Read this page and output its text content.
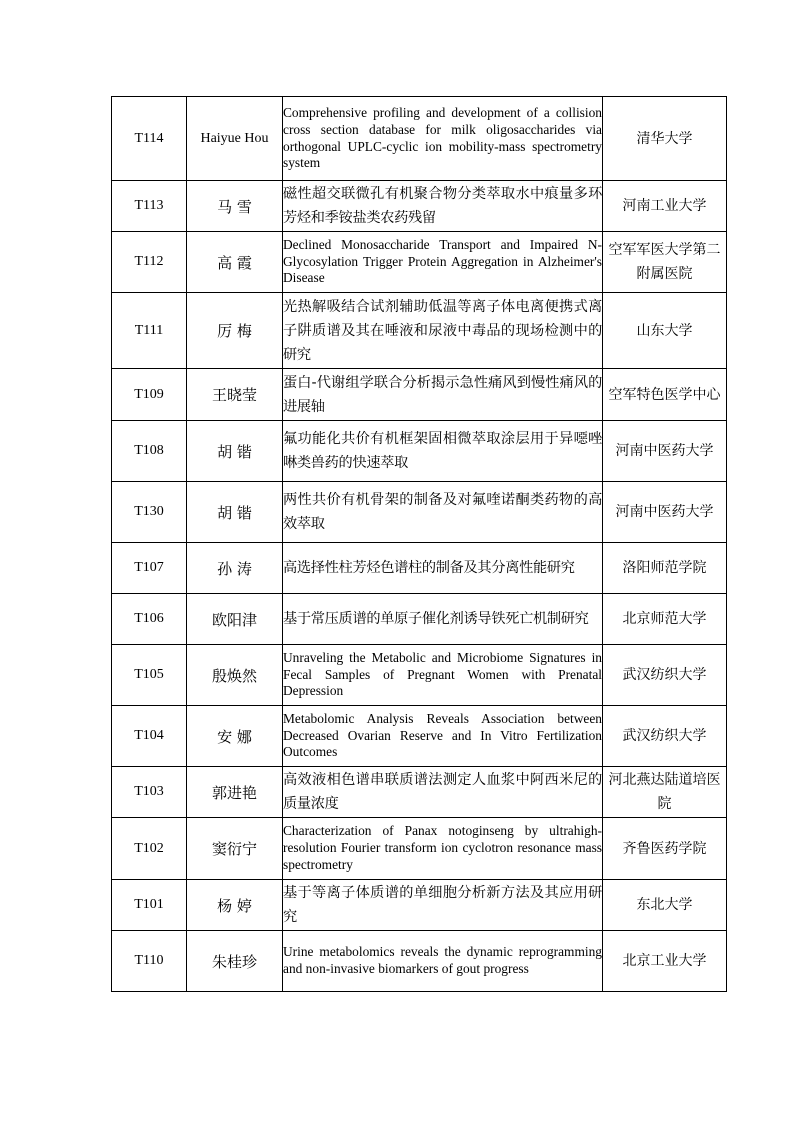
T114	Haiyue Hou	Comprehensive profiling and development of a collision cross section database for milk oligosaccharides via orthogonal UPLC-cyclic ion mobility-mass spectrometry system	清华大学
T113	马 雪	磁性超交联微孔有机聚合物分类萃取水中痕量多环芳烃和季铵盐类农药残留	河南工业大学
T112	高 霞	Declined Monosaccharide Transport and Impaired N-Glycosylation Trigger Protein Aggregation in Alzheimer's Disease	空军军医大学第二附属医院
T111	厉 梅	光热解吸结合试剂辅助低温等离子体电离便携式离子阱质谱及其在唾液和尿液中毒品的现场检测中的研究	山东大学
T109	王晓莹	蛋白-代谢组学联合分析揭示急性痛风到慢性痛风的进展轴	空军特色医学中心
T108	胡 锴	氟功能化共价有机框架固相微萃取涂层用于异噁唑啉类兽药的快速萃取	河南中医药大学
T130	胡 锴	两性共价有机骨架的制备及对氟喹诺酮类药物的高效萃取	河南中医药大学
T107	孙 涛	高选择性柱芳烃色谱柱的制备及其分离性能研究	洛阳师范学院
T106	欧阳津	基于常压质谱的单原子催化剂诱导铁死亡机制研究	北京师范大学
T105	殷焕然	Unraveling the Metabolic and Microbiome Signatures in Fecal Samples of Pregnant Women with Prenatal Depression	武汉纺织大学
T104	安 娜	Metabolomic Analysis Reveals Association between Decreased Ovarian Reserve and In Vitro Fertilization Outcomes	武汉纺织大学
T103	郭进艳	高效液相色谱串联质谱法测定人血浆中阿西米尼的质量浓度	河北燕达陆道培医院
T102	窦衍宁	Characterization of Panax notoginseng by ultrahigh-resolution Fourier transform ion cyclotron resonance mass spectrometry	齐鲁医药学院
T101	杨 婷	基于等离子体质谱的单细胞分析新方法及其应用研究	东北大学
T110	朱桂珍	Urine metabolomics reveals the dynamic reprogramming and non-invasive biomarkers of gout progress	北京工业大学
